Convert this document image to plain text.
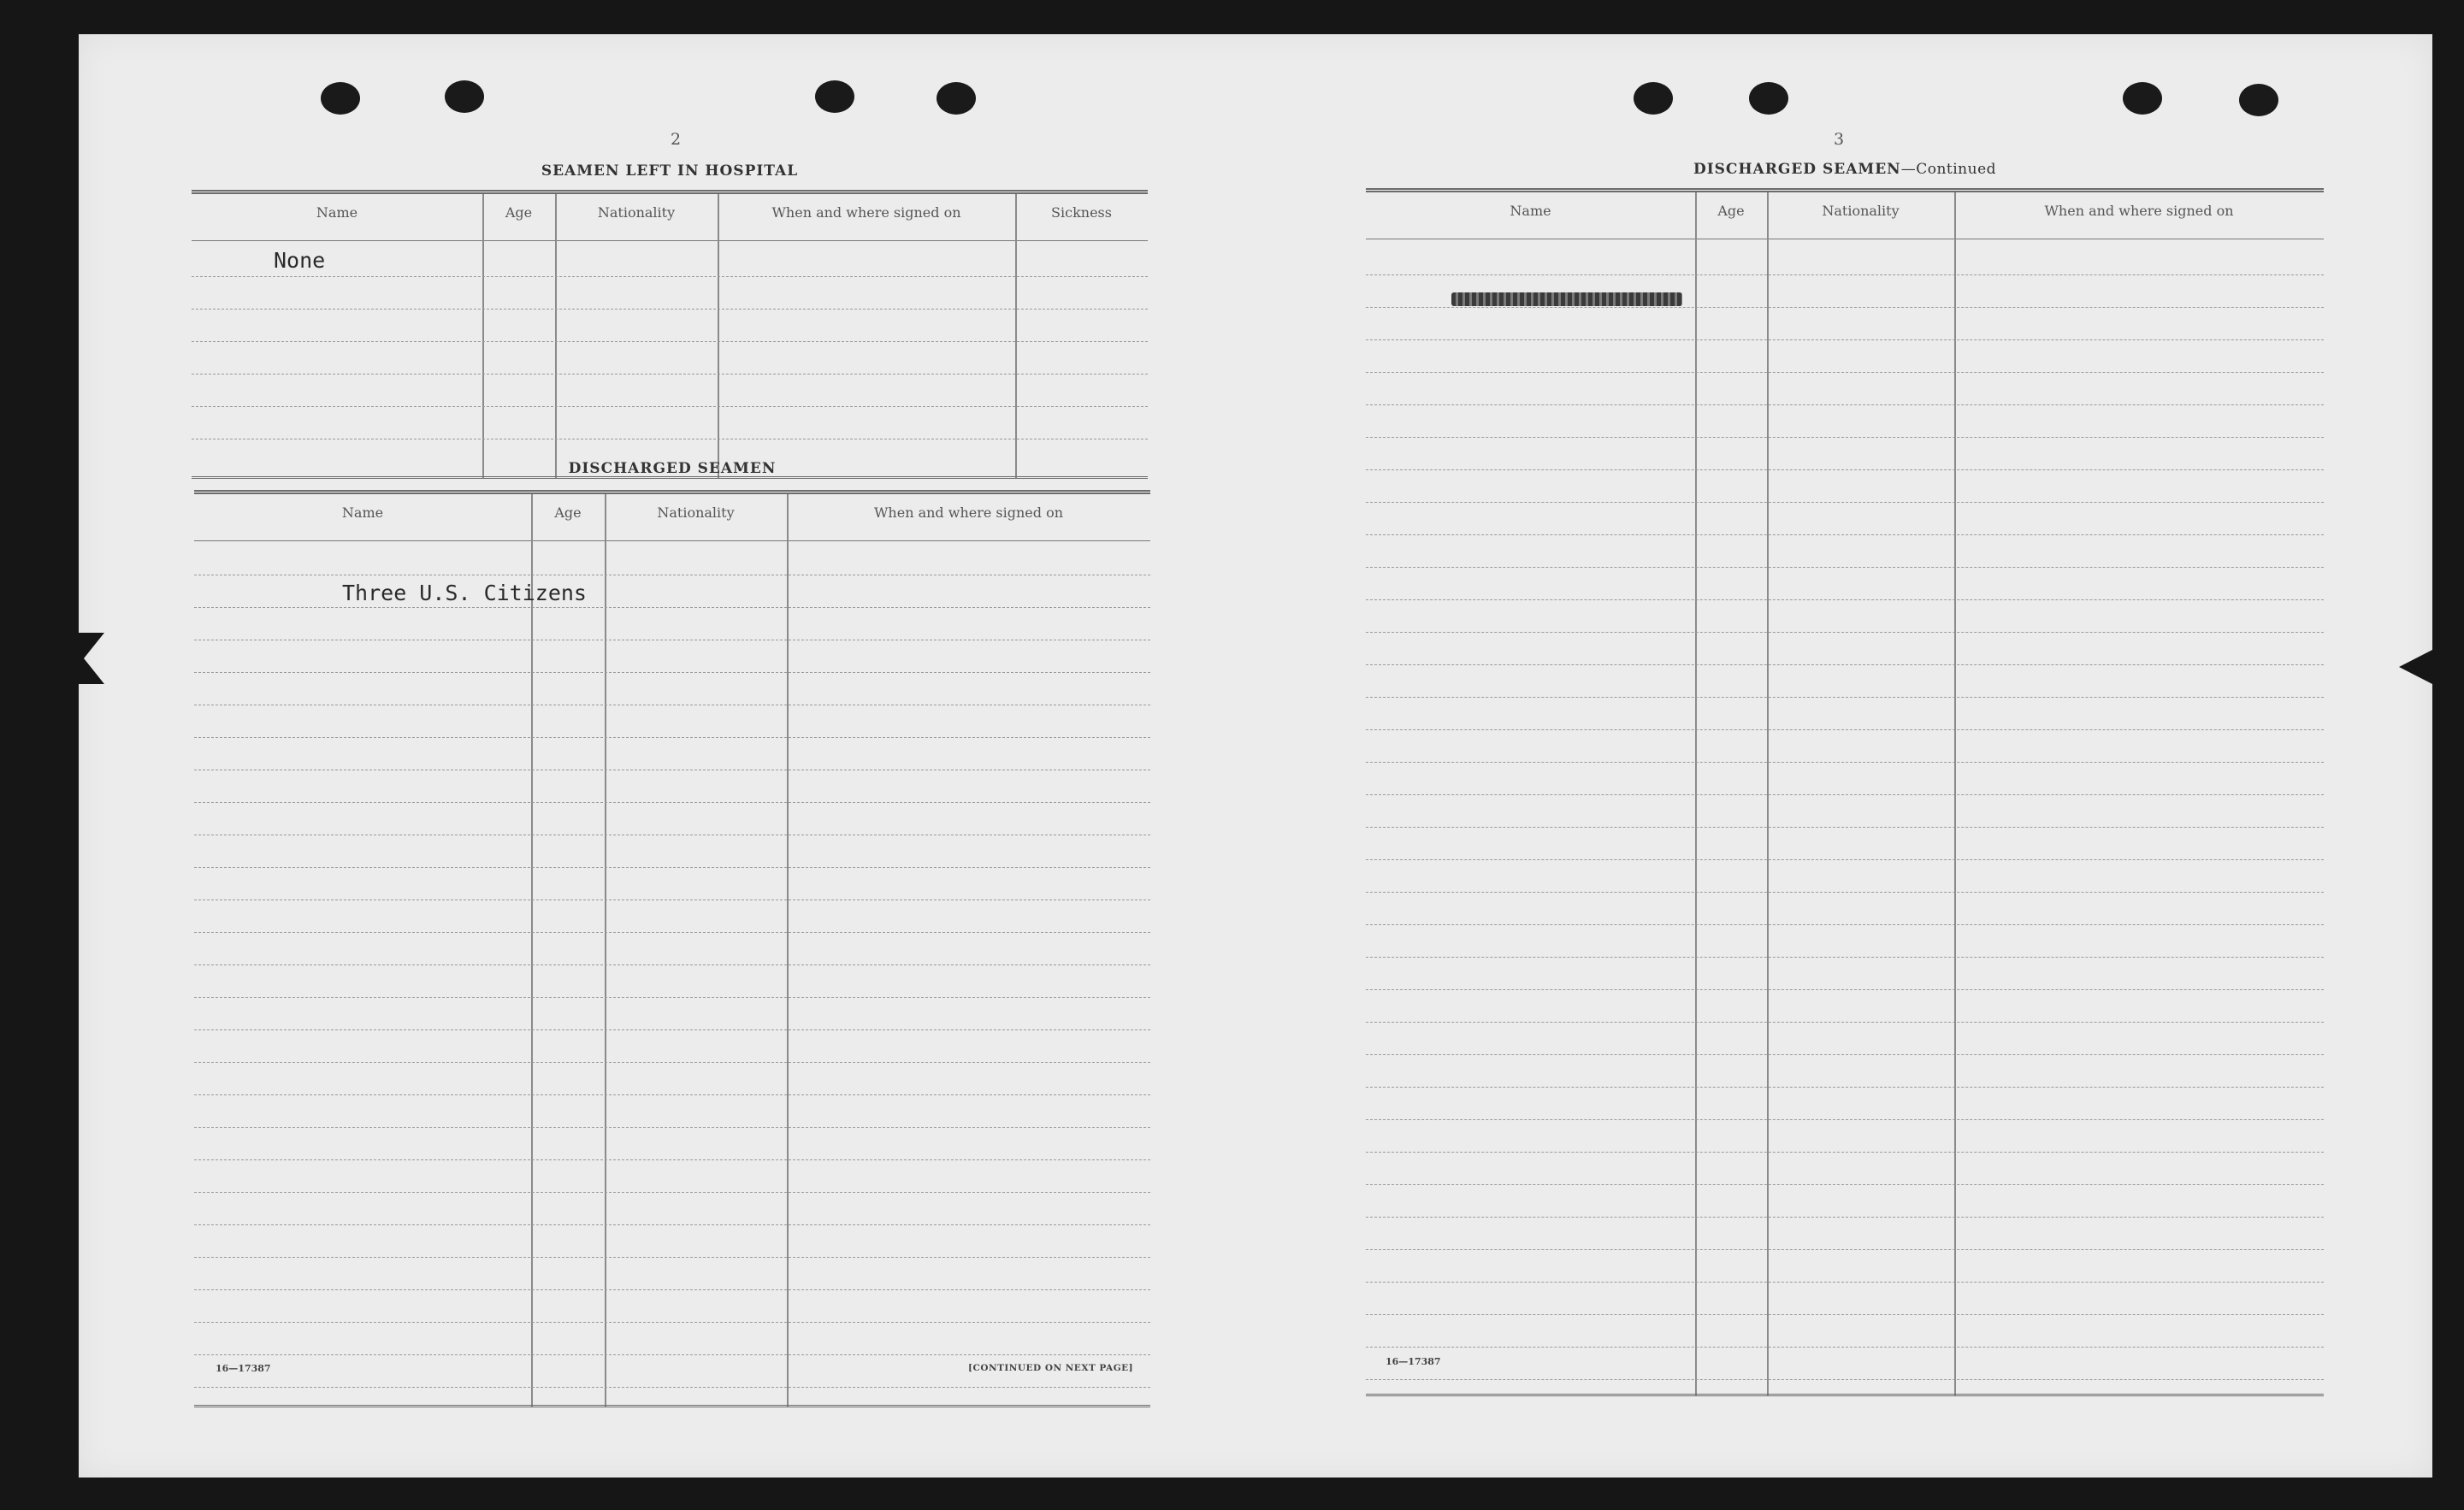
2
SEAMEN LEFT IN HOSPITAL
Name	Age	Nationality	When and where signed on	Sickness
None
DISCHARGED SEAMEN
Name	Age	Nationality	When and where signed on
Three U.S. Citizens
16—17387	[CONTINUED ON NEXT PAGE]
3
DISCHARGED SEAMEN—Continued
Name	Age	Nationality	When and where signed on
16—17387
